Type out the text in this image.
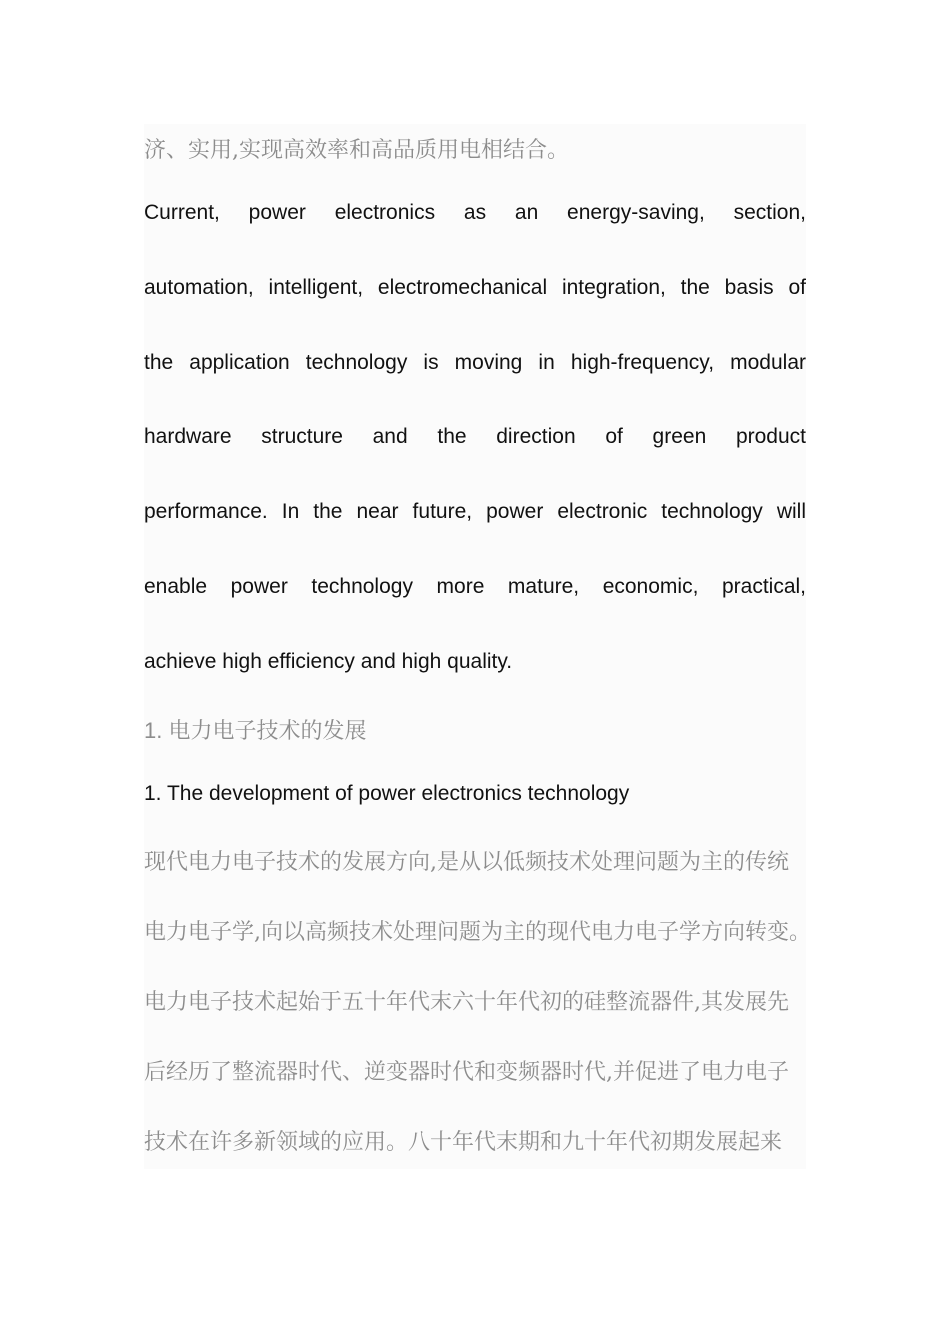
济、实用,实现高效率和高品质用电相结合。
Current, power electronics as an energy-saving, section,
automation, intelligent, electromechanical integration, the basis of
the application technology is moving in high-frequency, modular
hardware structure and the direction of green product
performance. In the near future, power electronic technology will
enable power technology more mature, economic, practical,
achieve high efficiency and high quality.
1. 电力电子技术的发展
1. The development of power electronics technology
现代电力电子技术的发展方向,是从以低频技术处理问题为主的传统
电力电子学,向以高频技术处理问题为主的现代电力电子学方向转变。
电力电子技术起始于五十年代末六十年代初的硅整流器件,其发展先
后经历了整流器时代、逆变器时代和变频器时代,并促进了电力电子
技术在许多新领域的应用。八十年代末期和九十年代初期发展起来
